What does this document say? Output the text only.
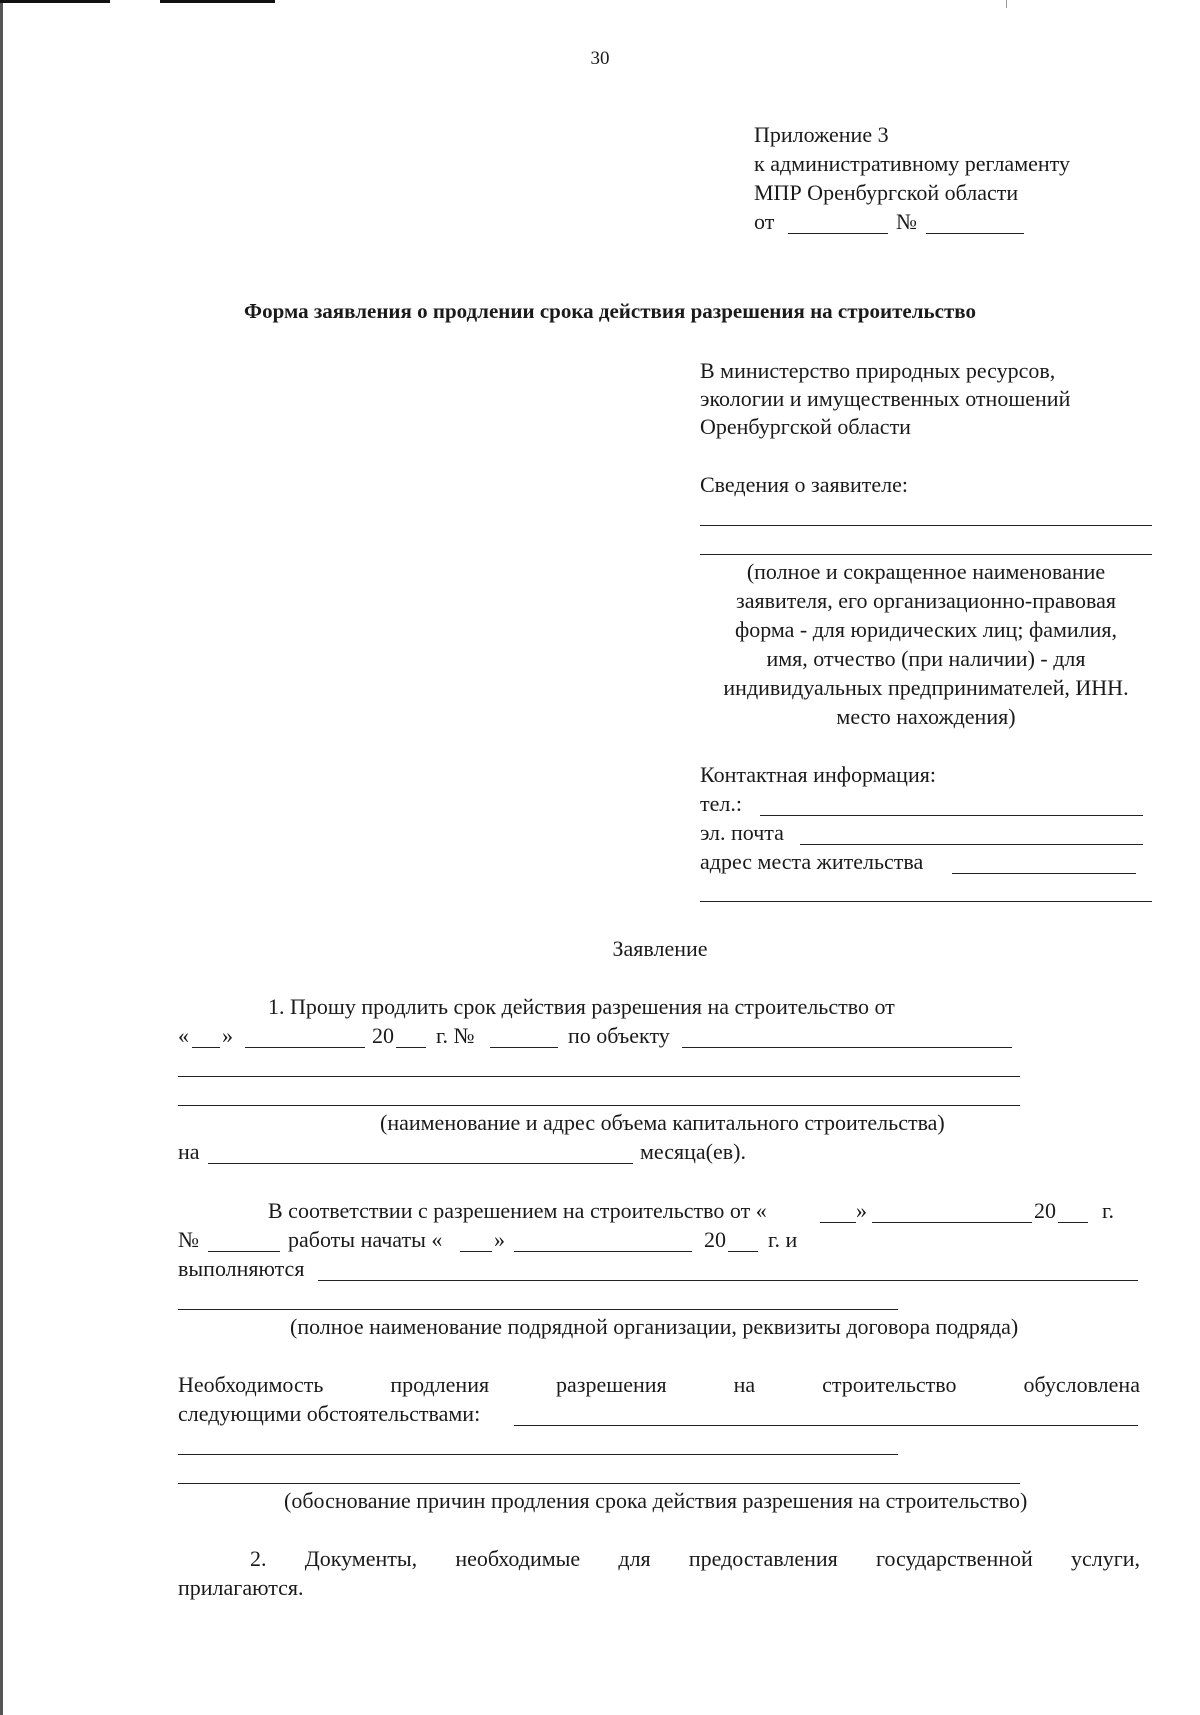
30
Приложение 3
к административному регламенту
МПР Оренбургской области
от	№
Форма заявления о продлении срока действия разрешения на строительство
В министерство природных ресурсов,
экологии и имущественных отношений
Оренбургской области
Сведения о заявителе:
(полное и сокращенное наименование
заявителя, его организационно-правовая
форма - для юридических лиц; фамилия,
имя, отчество (при наличии) - для
индивидуальных предпринимателей, ИНН.
место нахождения)
Контактная информация:
тел.:
эл. почта
адрес места жительства
Заявление
1. Прошу продлить срок действия разрешения на строительство от
« »	20 г. №	по объекту
(наименование и адрес объема капитального строительства)
на	месяца(ев).
В соответствии с разрешением на строительство от «	»	20 г.
№	работы начаты « »	20 г. и
выполняются
(полное наименование подрядной организации, реквизиты договора подряда)
Необходимость	продления	разрешения	на	строительство	обусловлена
следующими обстоятельствами:
(обоснование причин продления срока действия разрешения на строительство)
2. Документы, необходимые для предоставления государственной услуги,
прилагаются.
